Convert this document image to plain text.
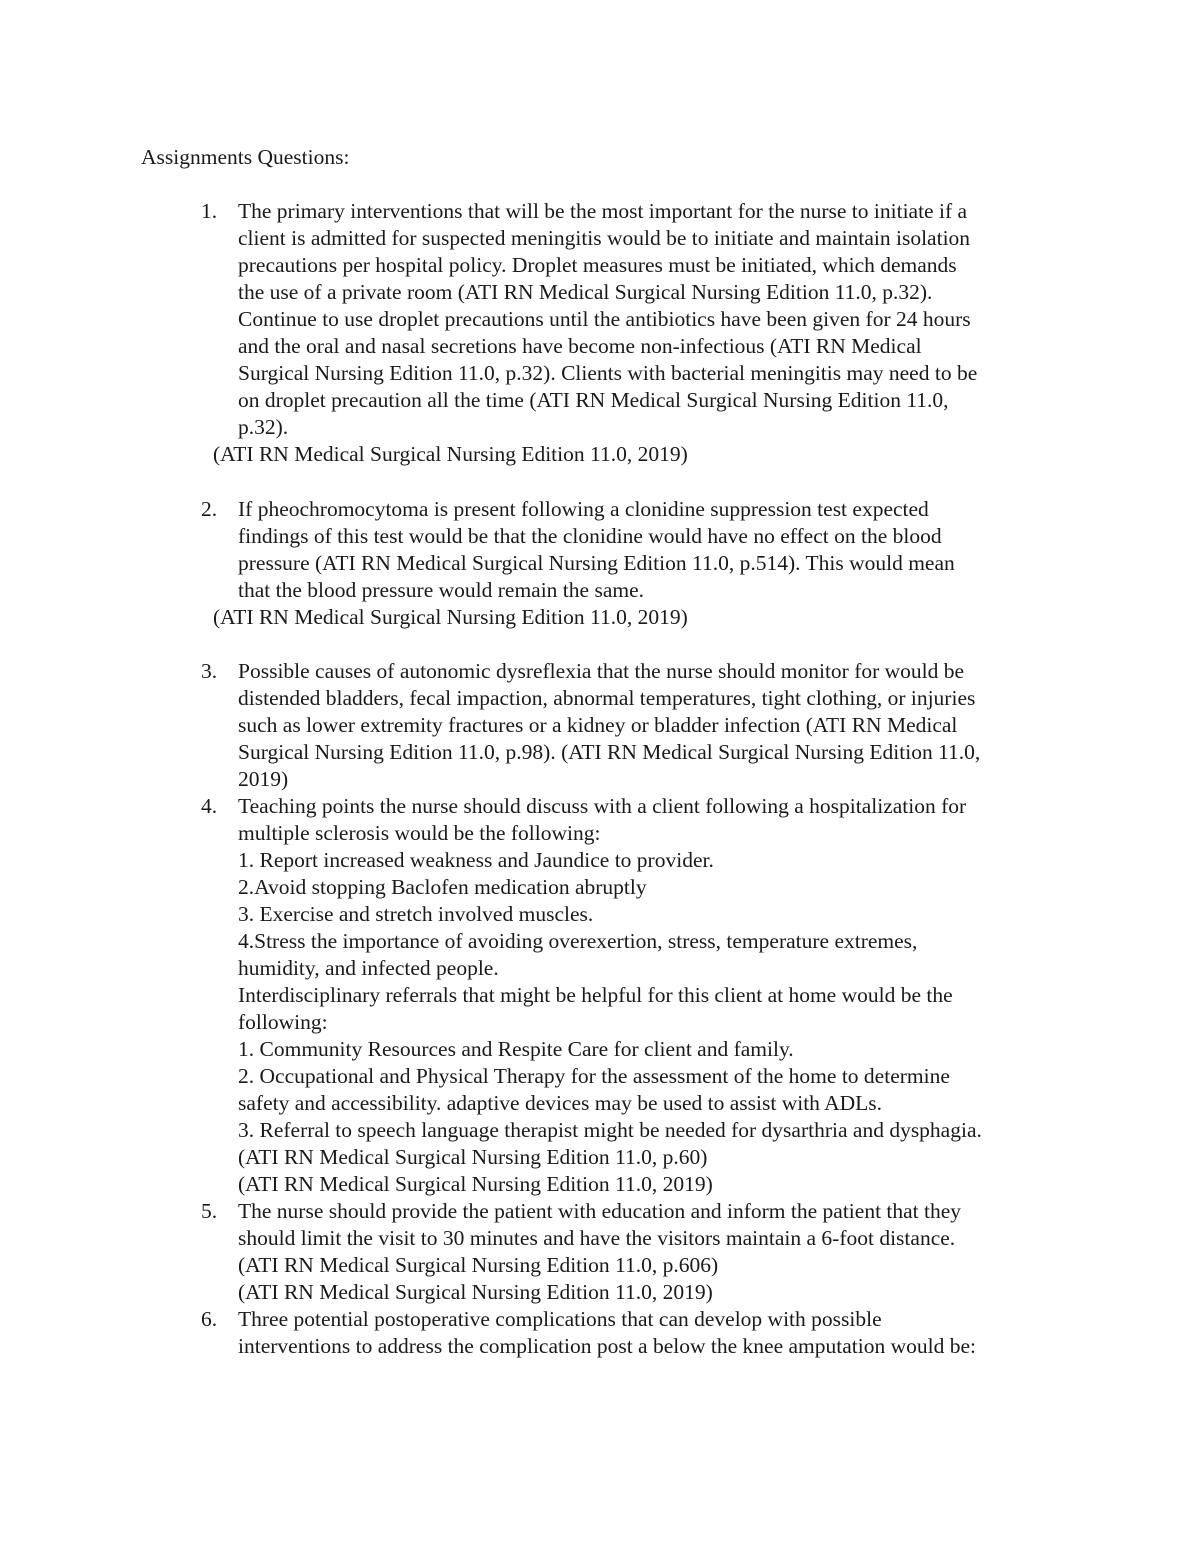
Assignments Questions:
1. The primary interventions that will be the most important for the nurse to initiate if a
client is admitted for suspected meningitis would be to initiate and maintain isolation
precautions per hospital policy. Droplet measures must be initiated, which demands
the use of a private room (ATI RN Medical Surgical Nursing Edition 11.0, p.32).
Continue to use droplet precautions until the antibiotics have been given for 24 hours
and the oral and nasal secretions have become non-infectious (ATI RN Medical
Surgical Nursing Edition 11.0, p.32). Clients with bacterial meningitis may need to be
on droplet precaution all the time (ATI RN Medical Surgical Nursing Edition 11.0,
p.32).
(ATI RN Medical Surgical Nursing Edition 11.0, 2019)
2. If pheochromocytoma is present following a clonidine suppression test expected
findings of this test would be that the clonidine would have no effect on the blood
pressure (ATI RN Medical Surgical Nursing Edition 11.0, p.514). This would mean
that the blood pressure would remain the same.
(ATI RN Medical Surgical Nursing Edition 11.0, 2019)
3. Possible causes of autonomic dysreflexia that the nurse should monitor for would be
distended bladders, fecal impaction, abnormal temperatures, tight clothing, or injuries
such as lower extremity fractures or a kidney or bladder infection (ATI RN Medical
Surgical Nursing Edition 11.0, p.98). (ATI RN Medical Surgical Nursing Edition 11.0,
2019)
4. Teaching points the nurse should discuss with a client following a hospitalization for
multiple sclerosis would be the following:
1. Report increased weakness and Jaundice to provider.
2.Avoid stopping Baclofen medication abruptly
3. Exercise and stretch involved muscles.
4.Stress the importance of avoiding overexertion, stress, temperature extremes,
humidity, and infected people.
Interdisciplinary referrals that might be helpful for this client at home would be the
following:
1. Community Resources and Respite Care for client and family.
2. Occupational and Physical Therapy for the assessment of the home to determine
safety and accessibility. adaptive devices may be used to assist with ADLs.
3. Referral to speech language therapist might be needed for dysarthria and dysphagia.
(ATI RN Medical Surgical Nursing Edition 11.0, p.60)
(ATI RN Medical Surgical Nursing Edition 11.0, 2019)
5. The nurse should provide the patient with education and inform the patient that they
should limit the visit to 30 minutes and have the visitors maintain a 6-foot distance.
(ATI RN Medical Surgical Nursing Edition 11.0, p.606)
(ATI RN Medical Surgical Nursing Edition 11.0, 2019)
6. Three potential postoperative complications that can develop with possible
interventions to address the complication post a below the knee amputation would be:
